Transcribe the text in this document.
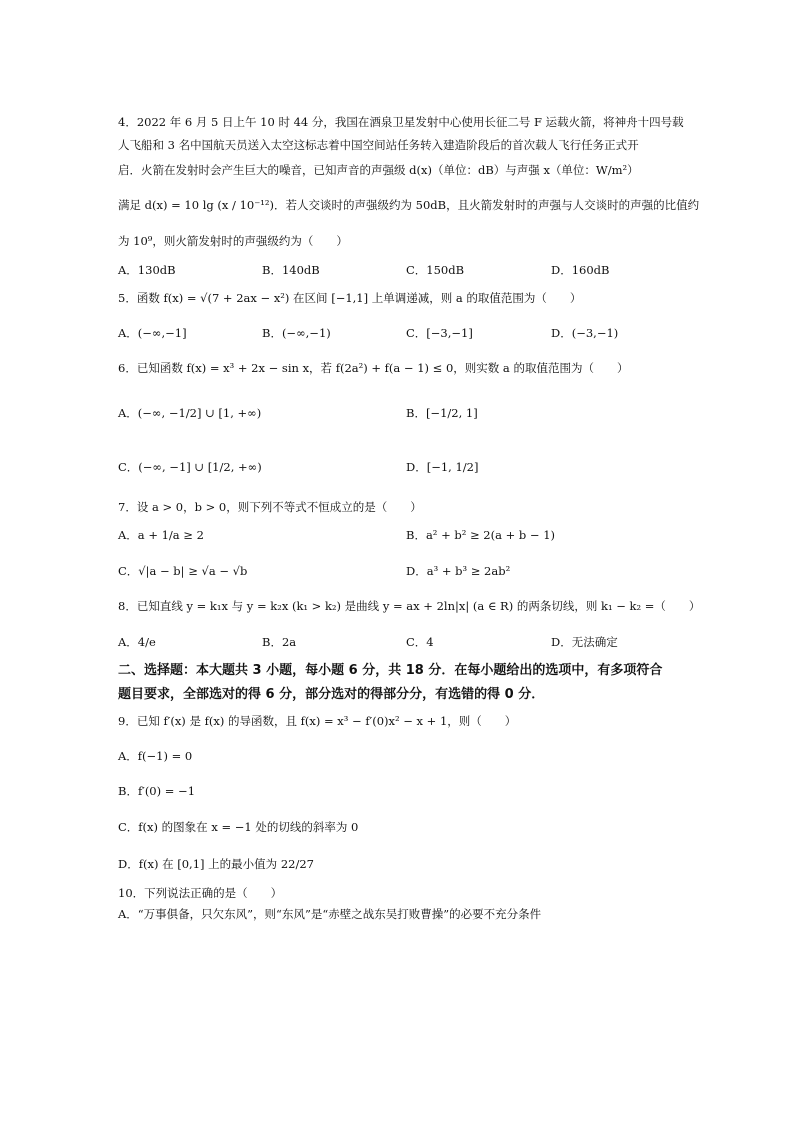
4．2022 年 6 月 5 日上午 10 时 44 分，我国在酒泉卫星发射中心使用长征二号 F 运载火箭，将神舟十四号载
人飞船和 3 名中国航天员送入太空这标志着中国空间站任务转入建造阶段后的首次载人飞行任务正式开
启．火箭在发射时会产生巨大的噪音，已知声音的声强级 d(x)（单位：dB）与声强 x（单位：W/m²）
满足 d(x) = 10 lg (x / 10⁻¹²)．若人交谈时的声强级约为 50dB，且火箭发射时的声强与人交谈时的声强的比值约
为 10⁹，则火箭发射时的声强级约为（　　）
A．130dB	B．140dB	C．150dB	D．160dB
5．函数 f(x) = √(7 + 2ax − x²) 在区间 [−1,1] 上单调递减，则 a 的取值范围为（　　）
A．(−∞,−1]	B．(−∞,−1)	C．[−3,−1]	D．(−3,−1)
6．已知函数 f(x) = x³ + 2x − sin x，若 f(2a²) + f(a − 1) ≤ 0，则实数 a 的取值范围为（　　）
A．(−∞, −1/2] ∪ [1, +∞)	B．[−1/2, 1]
C．(−∞, −1] ∪ [1/2, +∞)	D．[−1, 1/2]
7．设 a > 0，b > 0，则下列不等式不恒成立的是（　　）
A．a + 1/a ≥ 2	B．a² + b² ≥ 2(a + b − 1)
C．√|a − b| ≥ √a − √b	D．a³ + b³ ≥ 2ab²
8．已知直线 y = k₁x 与 y = k₂x (k₁ > k₂) 是曲线 y = ax + 2ln|x| (a ∈ R) 的两条切线，则 k₁ − k₂ =（　　）
A．4/e	B．2a	C．4	D．无法确定
二、选择题：本大题共 3 小题，每小题 6 分，共 18 分．在每小题给出的选项中，有多项符合
题目要求，全部选对的得 6 分，部分选对的得部分分，有选错的得 0 分．
9．已知 f′(x) 是 f(x) 的导函数，且 f(x) = x³ − f′(0)x² − x + 1，则（　　）
A．f(−1) = 0
B．f′(0) = −1
C．f(x) 的图象在 x = −1 处的切线的斜率为 0
D．f(x) 在 [0,1] 上的最小值为 22/27
10．下列说法正确的是（　　）
A．“万事俱备，只欠东风”，则“东风”是“赤壁之战东吴打败曹操”的必要不充分条件
